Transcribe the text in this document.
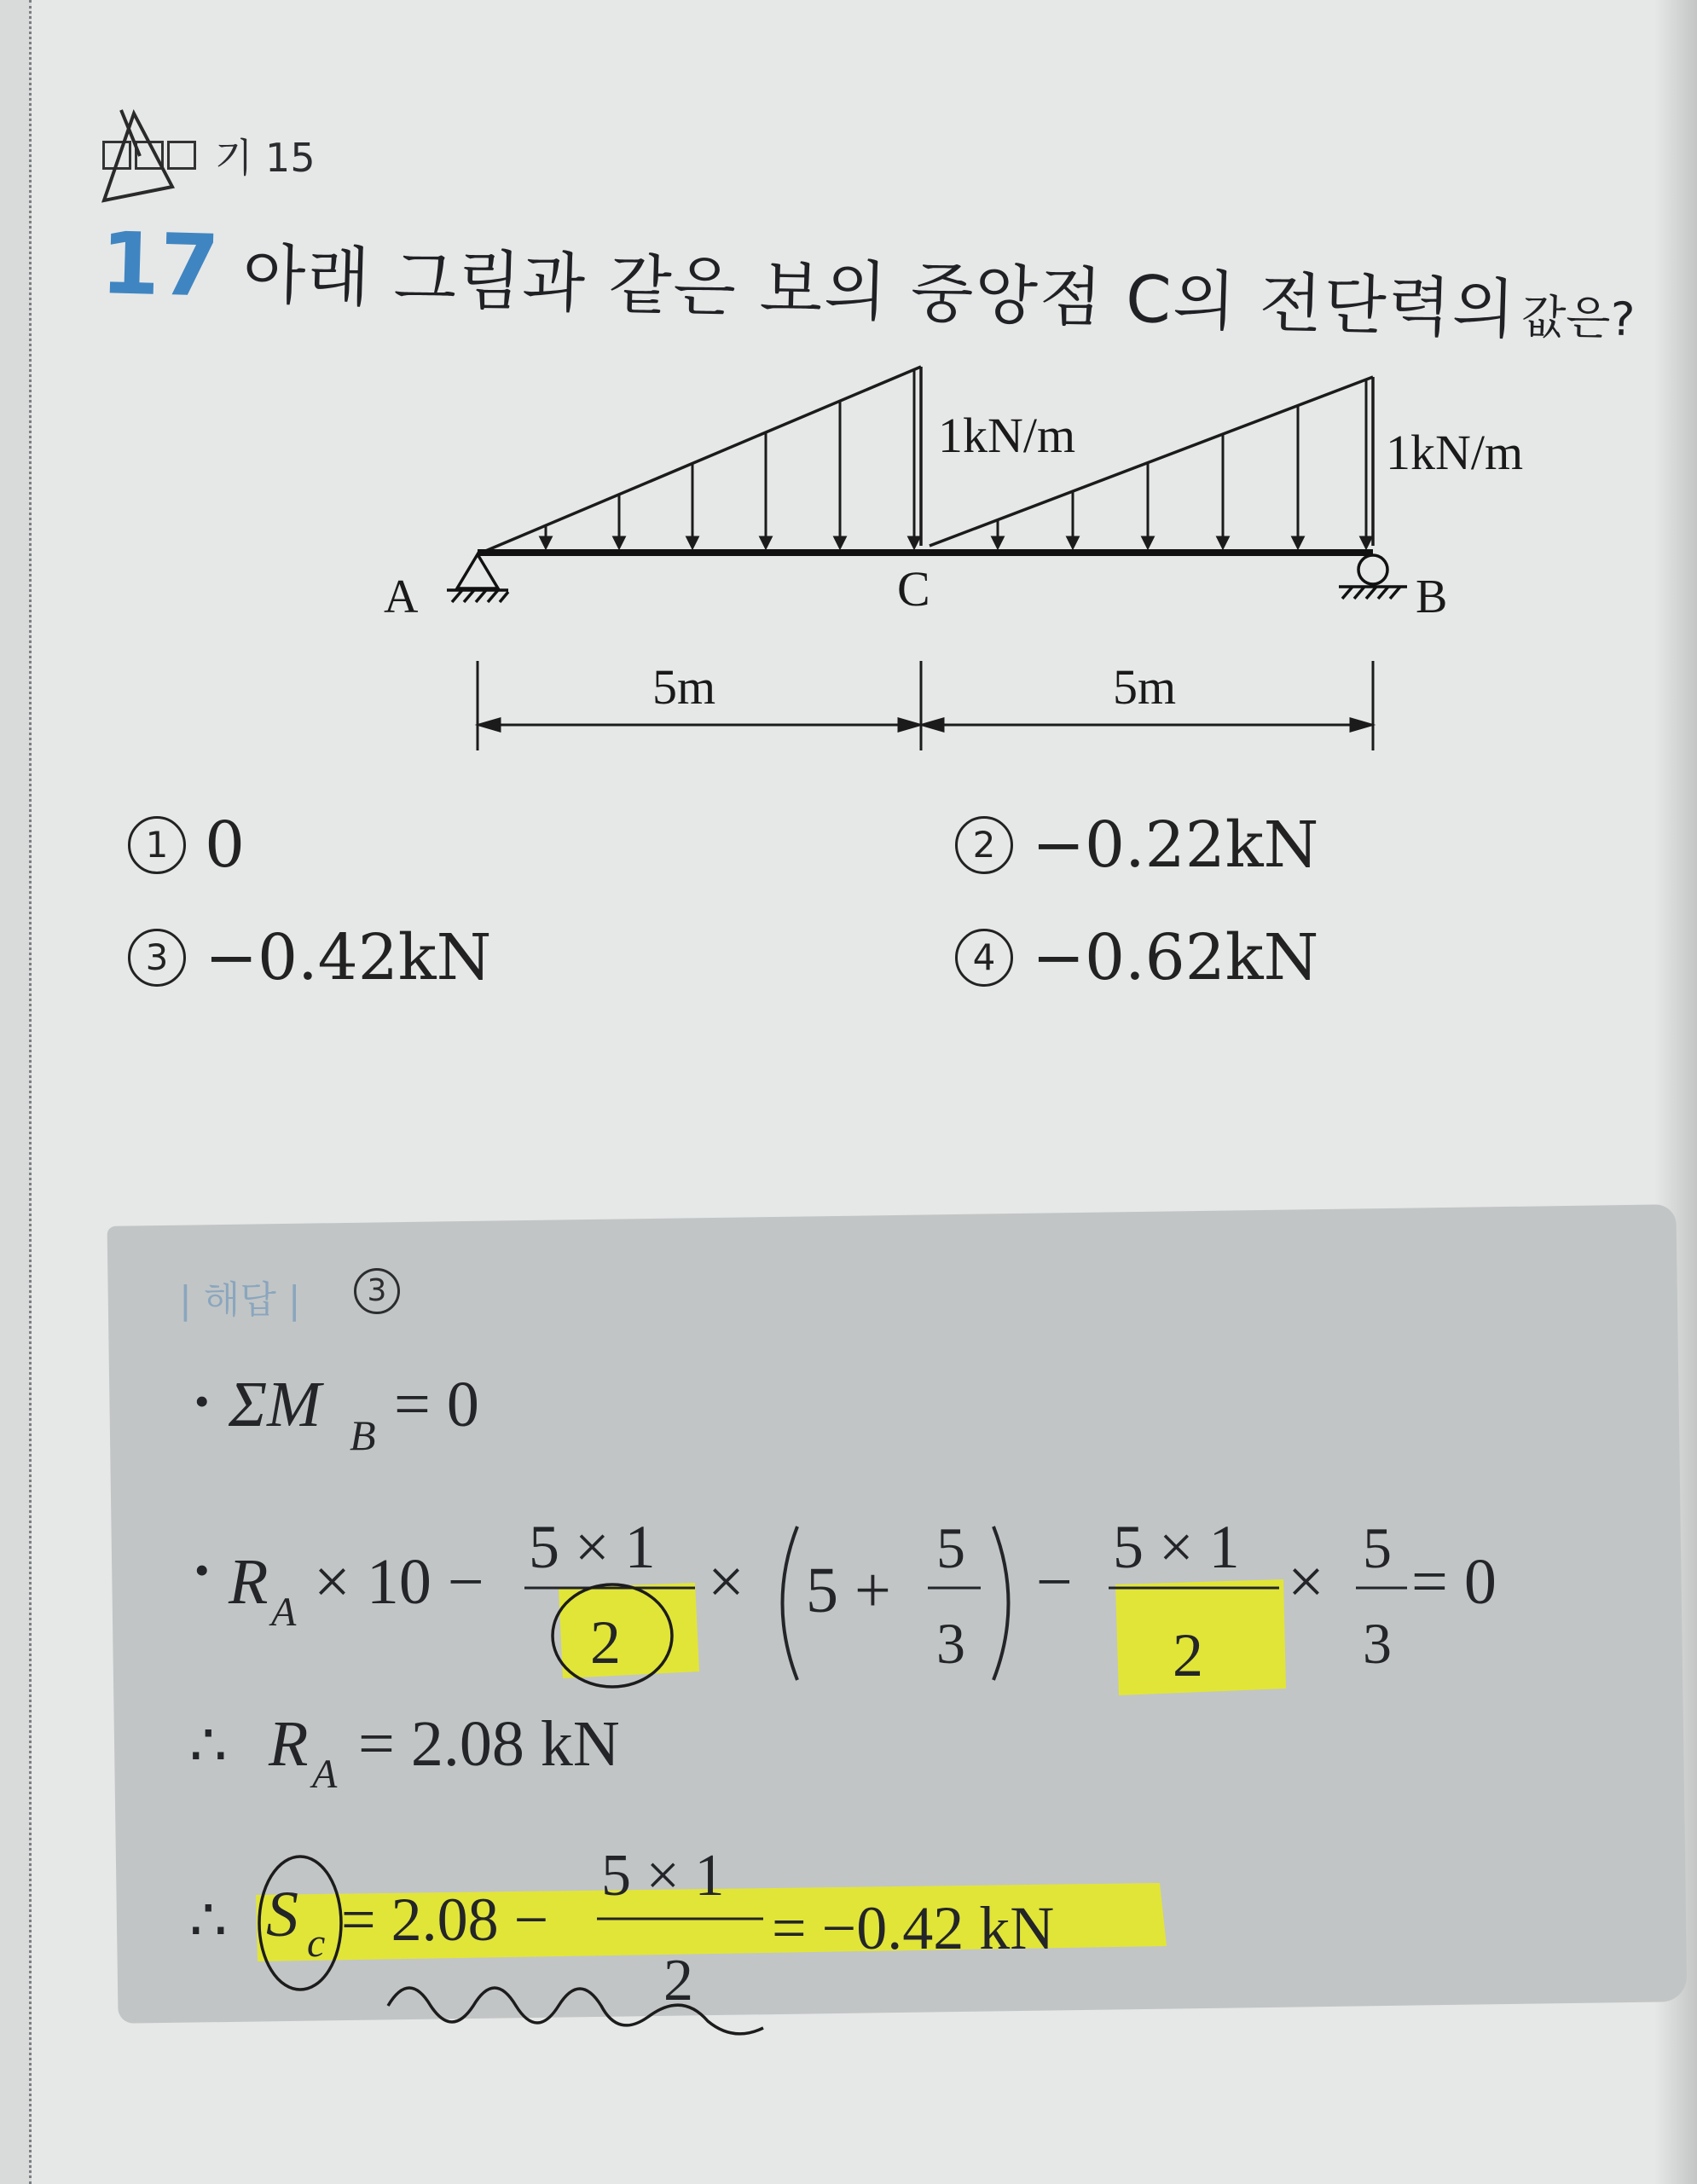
기 15
17 아래 그림과 같은 보의 중앙점 C의 전단력의 값은?
A	B
C
1kN/m	1kN/m
5m	5m
1 0	2 −0.22kN
3 −0.42kN	4 −0.62kN
| 해답 |	3
• ΣM B = 0
• R A × 10 − 5 × 1
2
× 5 +
5
3
− 5 × 1
2
× 5
3
= 0
∴ R A = 2.08 kN
∴ S c = 2.08 −
5 × 1
2
= −0.42 kN
